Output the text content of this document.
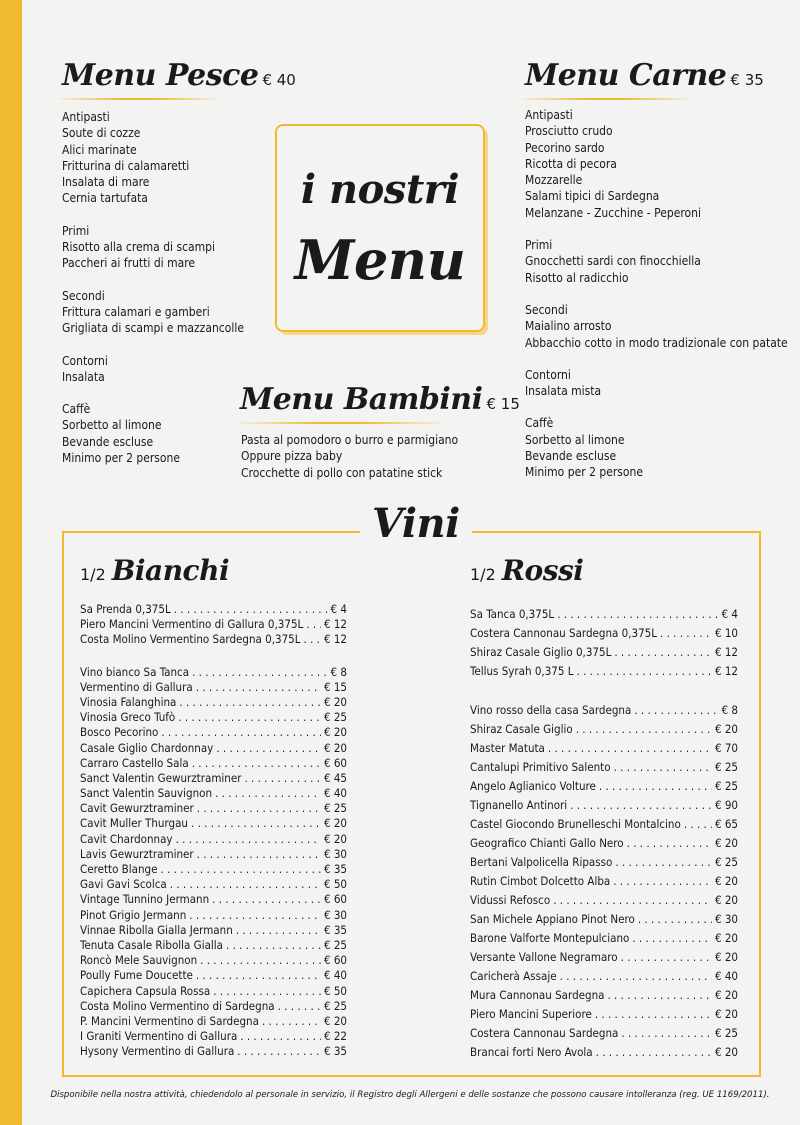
Menu Pesce € 40
Antipasti
Soute di cozze
Alici marinate
Fritturina di calamaretti
Insalata di mare
Cernia tartufata
Primi
Risotto alla crema di scampi
Paccheri ai frutti di mare
Secondi
Frittura calamari e gamberi
Grigliata di scampi e mazzancolle
Contorni
Insalata
Caffè
Sorbetto al limone
Bevande escluse
Minimo per 2 persone
Menu Carne € 35
Antipasti
Prosciutto crudo
Pecorino sardo
Ricotta di pecora
Mozzarelle
Salami tipici di Sardegna
Melanzane - Zucchine - Peperoni
Primi
Gnocchetti sardi con finocchiella
Risotto al radicchio
Secondi
Maialino arrosto
Abbacchio cotto in modo tradizionale con patate
Contorni
Insalata mista
Caffè
Sorbetto al limone
Bevande escluse
Minimo per 2 persone
i nostri
Menu
Menu Bambini € 15
Pasta al pomodoro o burro e parmigiano
Oppure pizza baby
Crocchette di pollo con patatine stick
Vini
1/2 Bianchi
Sa Prenda 0,375L . . .	€ 4
Piero Mancini Vermentino di Gallura 0,375L . . . € 12
Costa Molino Vermentino Sardegna 0,375L . . . € 12
Vino bianco Sa Tanca . . .	€ 8
Vermentino di Gallura . . .	€ 15
Vinosia Falanghina . . .	€ 20
Vinosia Greco Tufò . . .	€ 25
Bosco Pecorino . . .	€ 20
Casale Giglio Chardonnay . . .	€ 20
Carraro Castello Sala . . .	€ 60
Sanct Valentin Gewurztraminer . . .	€ 45
Sanct Valentin Sauvignon . . .	€ 40
Cavit Gewurztraminer . . .	€ 25
Cavit Muller Thurgau . . .	€ 20
Cavit Chardonnay . . .	€ 20
Lavis Gewurztraminer . . .	€ 30
Ceretto Blange . . .	€ 35
Gavi Gavi Scolca . . .	€ 50
Vintage Tunnino Jermann . . .	€ 60
Pinot Grigio Jermann . . .	€ 30
Vinnae Ribolla Gialla Jermann . . .	€ 35
Tenuta Casale Ribolla Gialla . . .	€ 25
Roncò Mele Sauvignon . . .	€ 60
Poully Fume Doucette . . .	€ 40
Capichera Capsula Rossa . . .	€ 50
Costa Molino Vermentino di Sardegna . . .	€ 25
P. Mancini Vermentino di Sardegna . . .	€ 20
I Graniti Vermentino di Gallura . . .	€ 22
Hysony Vermentino di Gallura . . .	€ 35
1/2 Rossi
Sa Tanca 0,375L . . .	€ 4
Costera Cannonau Sardegna 0,375L . . .	€ 10
Shiraz Casale Giglio 0,375L . . .	€ 12
Tellus Syrah 0,375 L . . .	€ 12
Vino rosso della casa Sardegna . . .	€ 8
Shiraz Casale Giglio . . .	€ 20
Master Matuta . . .	€ 70
Cantalupi Primitivo Salento . . .	€ 25
Angelo Aglianico Volture . . .	€ 25
Tignanello Antinori . . .	€ 90
Castel Giocondo Brunelleschi Montalcino . . .	€ 65
Geografico Chianti Gallo Nero . . .	€ 20
Bertani Valpolicella Ripasso . . .	€ 25
Rutin Cimbot Dolcetto Alba . . .	€ 20
Vidussi Refosco . . .	€ 20
San Michele Appiano Pinot Nero . . .	€ 30
Barone Valforte Montepulciano . . .	€ 20
Versante Vallone Negramaro . . .	€ 20
Caricherà Assaje . . .	€ 40
Mura Cannonau Sardegna . . .	€ 20
Piero Mancini Superiore . . .	€ 20
Costera Cannonau Sardegna . . .	€ 25
Brancai forti Nero Avola . . .	€ 20
Disponibile nella nostra attività, chiedendolo al personale in servizio, il Registro degli Allergeni e delle sostanze che possono causare intolleranza (reg. UE 1169/2011).
